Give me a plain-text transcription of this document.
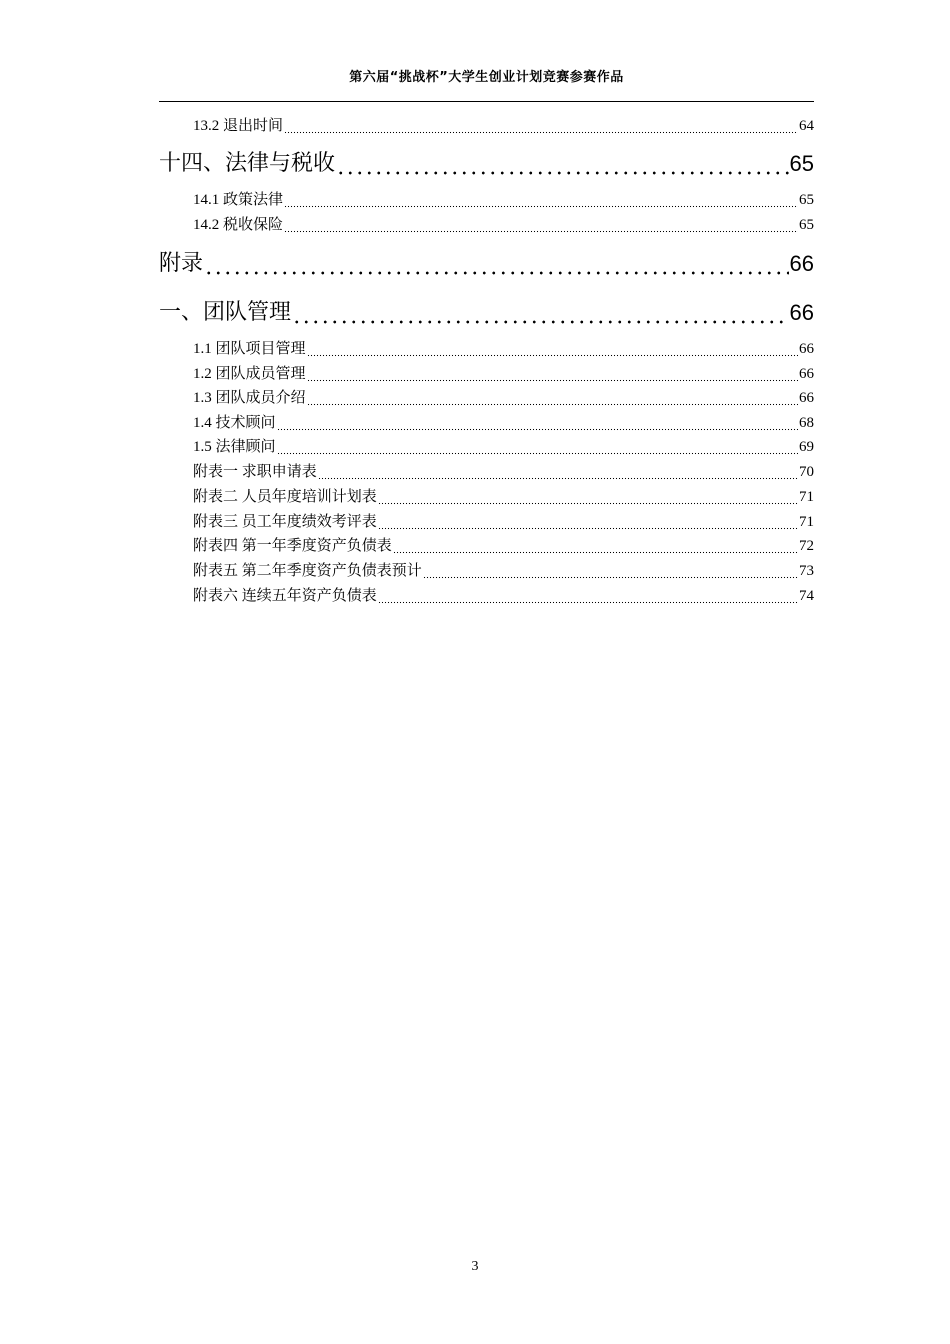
第六届“挑战杯”大学生创业计划竞赛参赛作品
13.2 退出时间	64
十四、法律与税收	65
14.1 政策法律	65
14.2 税收保险	65
附录	66
一、团队管理	66
1.1 团队项目管理	66
1.2 团队成员管理	66
1.3 团队成员介绍	66
1.4 技术顾问	68
1.5 法律顾问	69
附表一 求职申请表	70
附表二 人员年度培训计划表	71
附表三 员工年度绩效考评表	71
附表四 第一年季度资产负债表	72
附表五 第二年季度资产负债表预计	73
附表六 连续五年资产负债表	74
3
